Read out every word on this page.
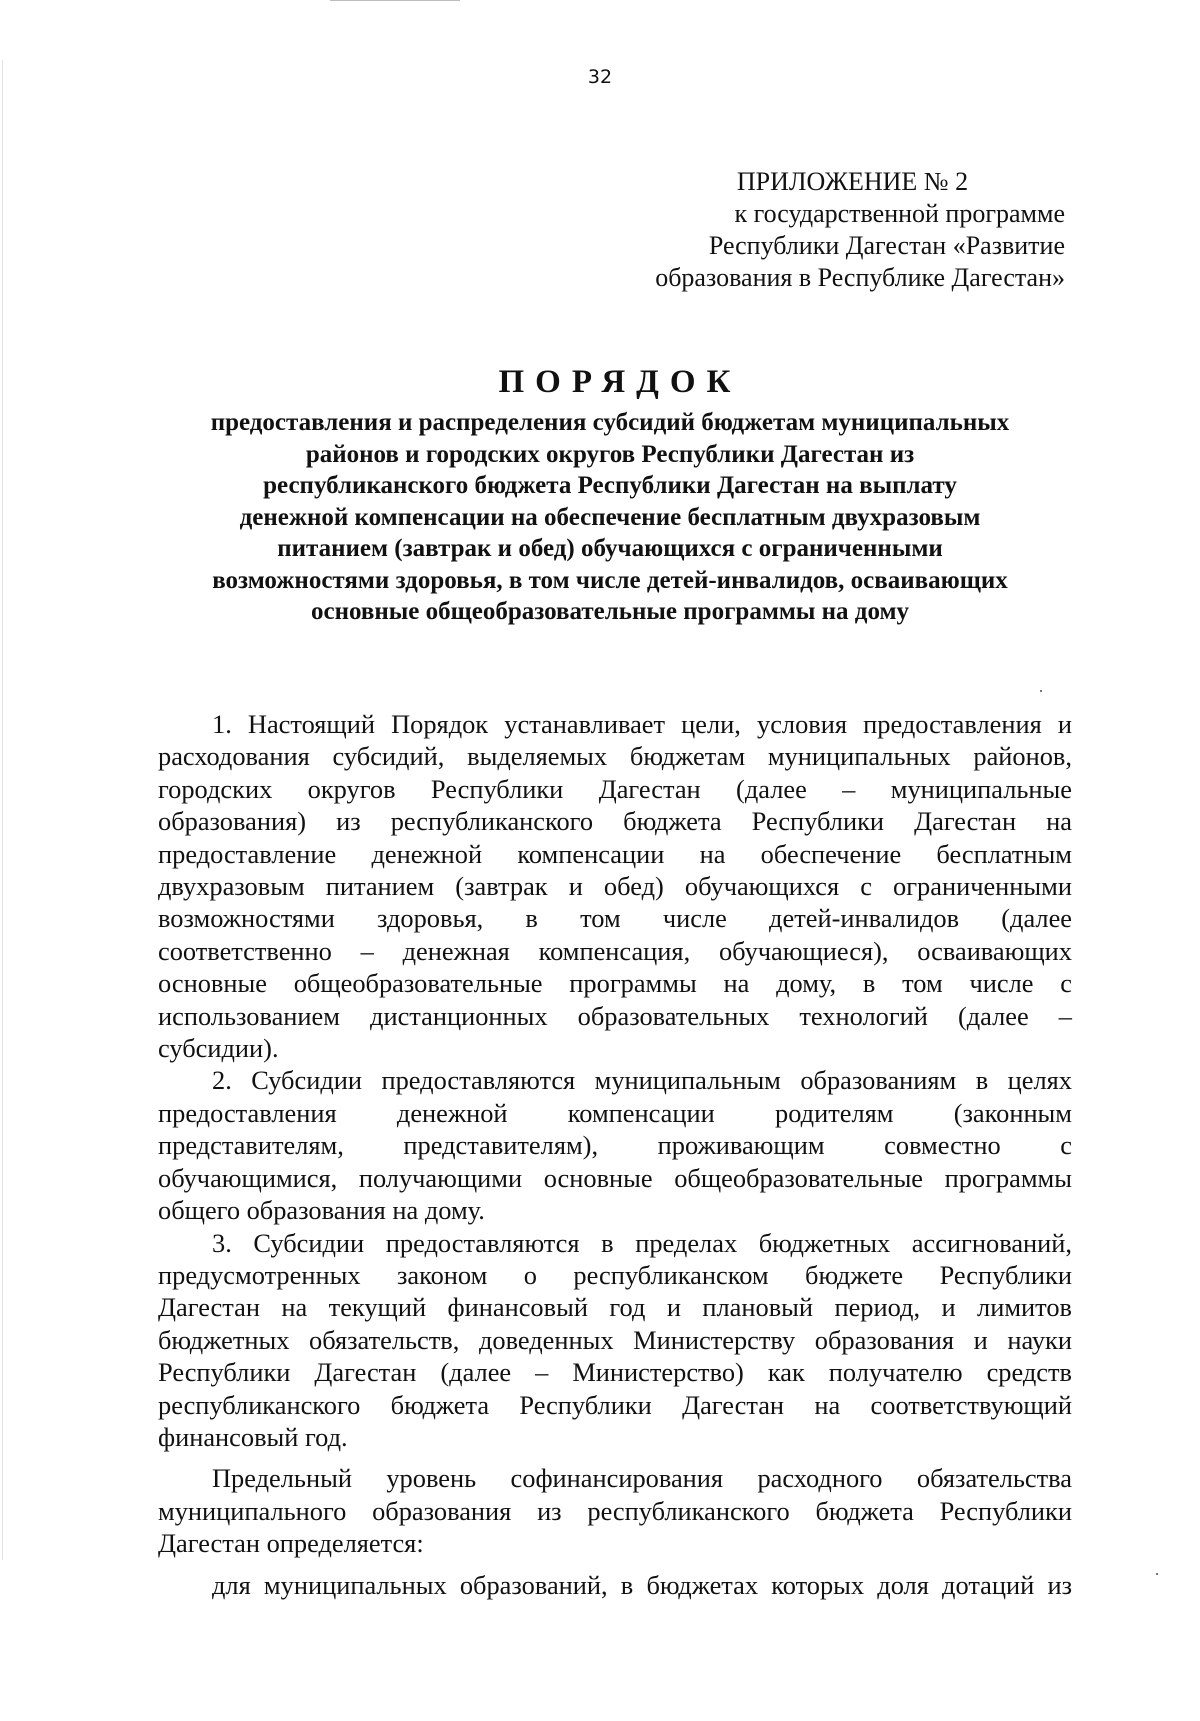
32
ПРИЛОЖЕНИЕ № 2
к государственной программе
Республики Дагестан «Развитие
образования в Республике Дагестан»
ПОРЯДОК
предоставления и распределения субсидий бюджетам муниципальных
районов и городских округов Республики Дагестан из
республиканского бюджета Республики Дагестан на выплату
денежной компенсации на обеспечение бесплатным двухразовым
питанием (завтрак и обед) обучающихся с ограниченными
возможностями здоровья, в том числе детей-инвалидов, осваивающих
основные общеобразовательные программы на дому
1. Настоящий Порядок устанавливает цели, условия предоставления и
расходования субсидий, выделяемых бюджетам муниципальных районов,
городских округов Республики Дагестан (далее – муниципальные
образования) из республиканского бюджета Республики Дагестан на
предоставление денежной компенсации на обеспечение бесплатным
двухразовым питанием (завтрак и обед) обучающихся с ограниченными
возможностями здоровья, в том числе детей-инвалидов (далее
соответственно – денежная компенсация, обучающиеся), осваивающих
основные общеобразовательные программы на дому, в том числе с
использованием дистанционных образовательных технологий (далее –
субсидии).
2. Субсидии предоставляются муниципальным образованиям в целях
предоставления денежной компенсации родителям (законным
представителям, представителям), проживающим совместно с
обучающимися, получающими основные общеобразовательные программы
общего образования на дому.
3. Субсидии предоставляются в пределах бюджетных ассигнований,
предусмотренных законом о республиканском бюджете Республики
Дагестан на текущий финансовый год и плановый период, и лимитов
бюджетных обязательств, доведенных Министерству образования и науки
Республики Дагестан (далее – Министерство) как получателю средств
республиканского бюджета Республики Дагестан на соответствующий
финансовый год.
Предельный уровень софинансирования расходного обязательства
муниципального образования из республиканского бюджета Республики
Дагестан определяется:
для муниципальных образований, в бюджетах которых доля дотаций из
